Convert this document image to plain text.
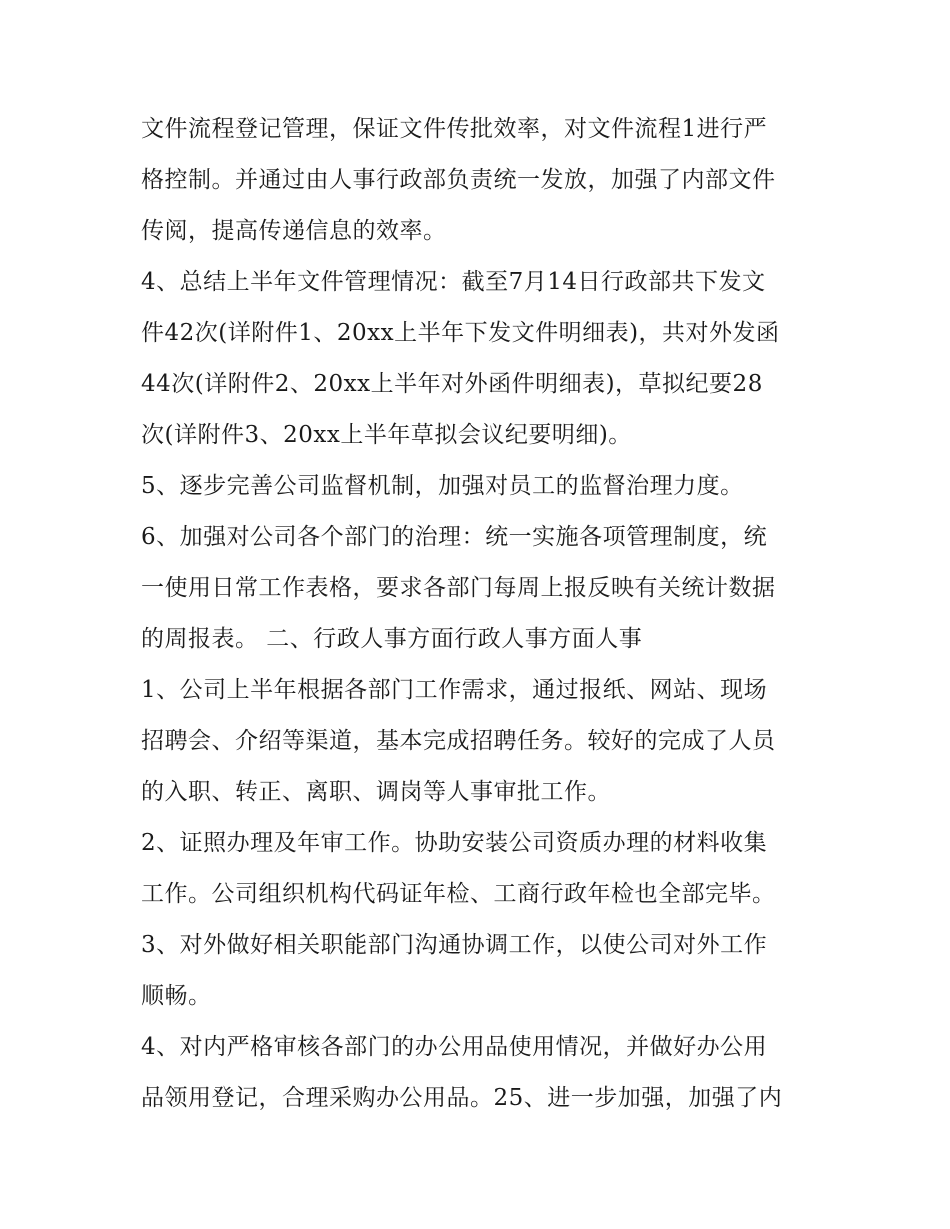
文件流程登记管理，保证文件传批效率，对文件流程1进行严
格控制。并通过由人事行政部负责统一发放，加强了内部文件
传阅，提高传递信息的效率。
4、总结上半年文件管理情况：截至7月14日行政部共下发文
件42次(详附件1、20xx上半年下发文件明细表)，共对外发函
44次(详附件2、20xx上半年对外函件明细表)，草拟纪要28
次(详附件3、20xx上半年草拟会议纪要明细)。
5、逐步完善公司监督机制，加强对员工的监督治理力度。
6、加强对公司各个部门的治理：统一实施各项管理制度，统
一使用日常工作表格，要求各部门每周上报反映有关统计数据
的周报表。 二、行政人事方面行政人事方面人事
1、公司上半年根据各部门工作需求，通过报纸、网站、现场
招聘会、介绍等渠道，基本完成招聘任务。较好的完成了人员
的入职、转正、离职、调岗等人事审批工作。
2、证照办理及年审工作。协助安装公司资质办理的材料收集
工作。公司组织机构代码证年检、工商行政年检也全部完毕。
3、对外做好相关职能部门沟通协调工作，以使公司对外工作
顺畅。
4、对内严格审核各部门的办公用品使用情况，并做好办公用
品领用登记，合理采购办公用品。25、进一步加强，加强了内
